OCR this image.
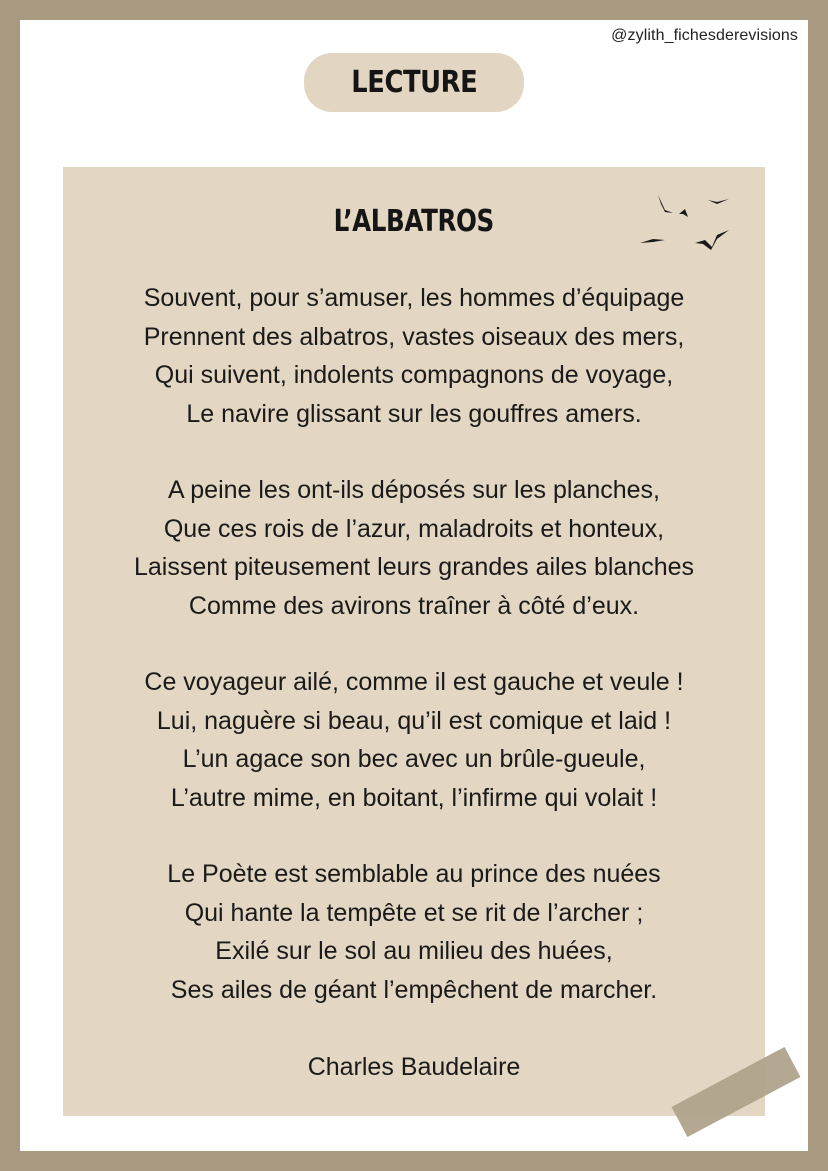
@zylith_fichesderevisions
LECTURE
L’ALBATROS
Souvent, pour s’amuser, les hommes d’équipage
Prennent des albatros, vastes oiseaux des mers,
Qui suivent, indolents compagnons de voyage,
Le navire glissant sur les gouffres amers.
A peine les ont-ils déposés sur les planches,
Que ces rois de l’azur, maladroits et honteux,
Laissent piteusement leurs grandes ailes blanches
Comme des avirons traîner à côté d’eux.
Ce voyageur ailé, comme il est gauche et veule !
Lui, naguère si beau, qu’il est comique et laid !
L’un agace son bec avec un brûle-gueule,
L’autre mime, en boitant, l’infirme qui volait !
Le Poète est semblable au prince des nuées
Qui hante la tempête et se rit de l’archer ;
Exilé sur le sol au milieu des huées,
Ses ailes de géant l’empêchent de marcher.
Charles Baudelaire
